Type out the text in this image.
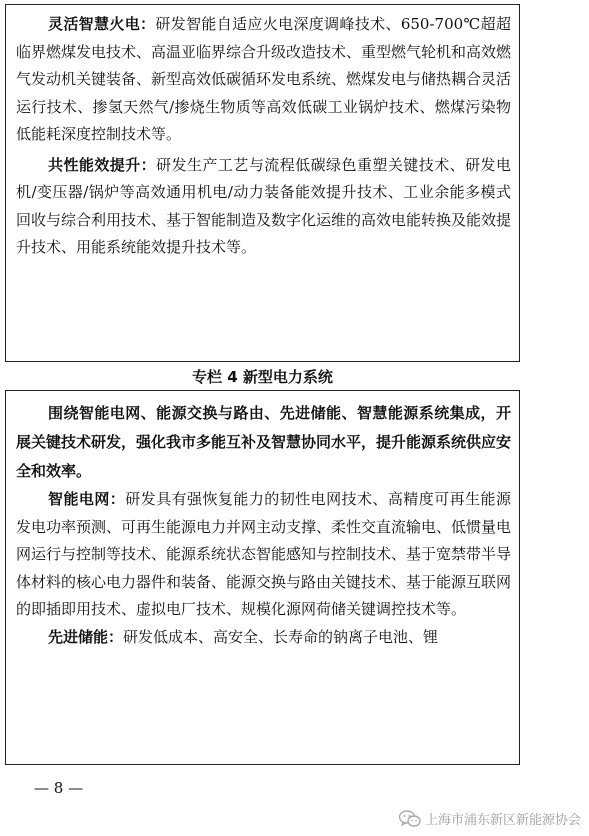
灵活智慧火电：研发智能自适应火电深度调峰技术、650-700℃超超临界燃煤发电技术、高温亚临界综合升级改造技术、重型燃气轮机和高效燃气发动机关键装备、新型高效低碳循环发电系统、燃煤发电与储热耦合灵活运行技术、掺氢天然气/掺烧生物质等高效低碳工业锅炉技术、燃煤污染物低能耗深度控制技术等。

共性能效提升：研发生产工艺与流程低碳绿色重塑关键技术、研发电机/变压器/锅炉等高效通用机电/动力装备能效提升技术、工业余能多模式回收与综合利用技术、基于智能制造及数字化运维的高效电能转换及能效提升技术、用能系统能效提升技术等。

专栏 4 新型电力系统

围绕智能电网、能源交换与路由、先进储能、智慧能源系统集成，开展关键技术研发，强化我市多能互补及智慧协同水平，提升能源系统供应安全和效率。

智能电网：研发具有强恢复能力的韧性电网技术、高精度可再生能源发电功率预测、可再生能源电力并网主动支撑、柔性交直流输电、低惯量电网运行与控制等技术、能源系统状态智能感知与控制技术、基于宽禁带半导体材料的核心电力器件和装备、能源交换与路由关键技术、基于能源互联网的即插即用技术、虚拟电厂技术、规模化源网荷储关键调控技术等。

先进储能：研发低成本、高安全、长寿命的钠离子电池、锂

— 8 —
上海市浦东新区新能源协会
